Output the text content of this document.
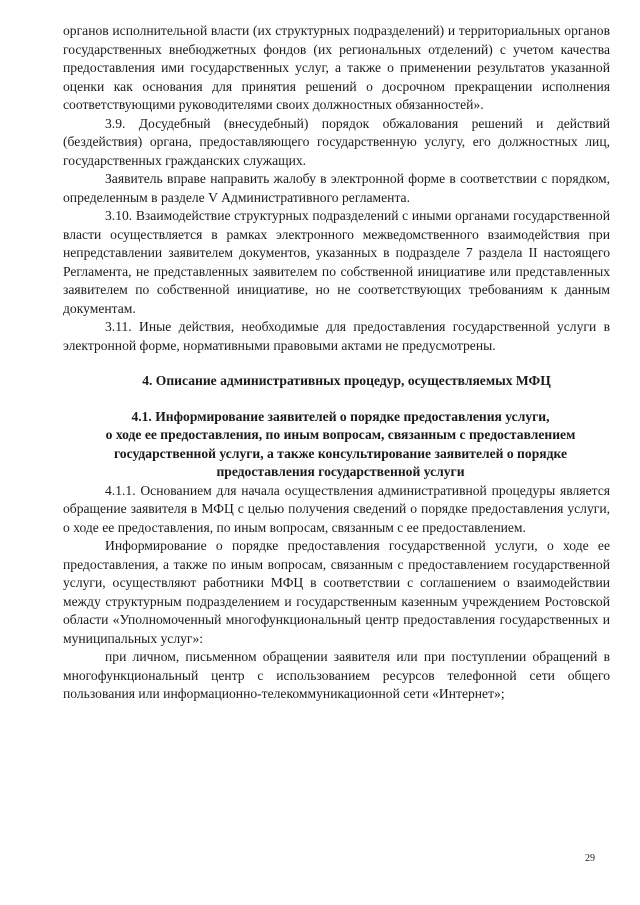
органов исполнительной власти (их структурных подразделений) и территориальных органов государственных внебюджетных фондов (их региональных отделений) с учетом качества предоставления ими государственных услуг, а также о применении результатов указанной оценки как основания для принятия решений о досрочном прекращении исполнения соответствующими руководителями своих должностных обязанностей».

3.9. Досудебный (внесудебный) порядок обжалования решений и действий (бездействия) органа, предоставляющего государственную услугу, его должностных лиц, государственных гражданских служащих.

Заявитель вправе направить жалобу в электронной форме в соответствии с порядком, определенным в разделе V Административного регламента.

3.10. Взаимодействие структурных подразделений с иными органами государственной власти осуществляется в рамках электронного межведомственного взаимодействия при непредставлении заявителем документов, указанных в подразделе 7 раздела II настоящего Регламента, не представленных заявителем по собственной инициативе или представленных заявителем по собственной инициативе, но не соответствующих требованиям к данным документам.

3.11. Иные действия, необходимые для предоставления государственной услуги в электронной форме, нормативными правовыми актами не предусмотрены.

4. Описание административных процедур, осуществляемых МФЦ

4.1. Информирование заявителей о порядке предоставления услуги,

о ходе ее предоставления, по иным вопросам, связанным с предоставлением

государственной услуги, а также консультирование заявителей о порядке

предоставления государственной услуги

4.1.1. Основанием для начала осуществления административной процедуры является обращение заявителя в МФЦ с целью получения сведений о порядке предоставления услуги, о ходе ее предоставления, по иным вопросам, связанным с ее предоставлением.

Информирование о порядке предоставления государственной услуги, о ходе ее предоставления, а также по иным вопросам, связанным с предоставлением государственной услуги, осуществляют работники МФЦ в соответствии с соглашением о взаимодействии между структурным подразделением и государственным казенным учреждением Ростовской области «Уполномоченный многофункциональный центр предоставления государственных и муниципальных услуг»:

при личном, письменном обращении заявителя или при поступлении обращений в многофункциональный центр с использованием ресурсов телефонной сети общего пользования или информационно-телекоммуникационной сети «Интернет»;

29
